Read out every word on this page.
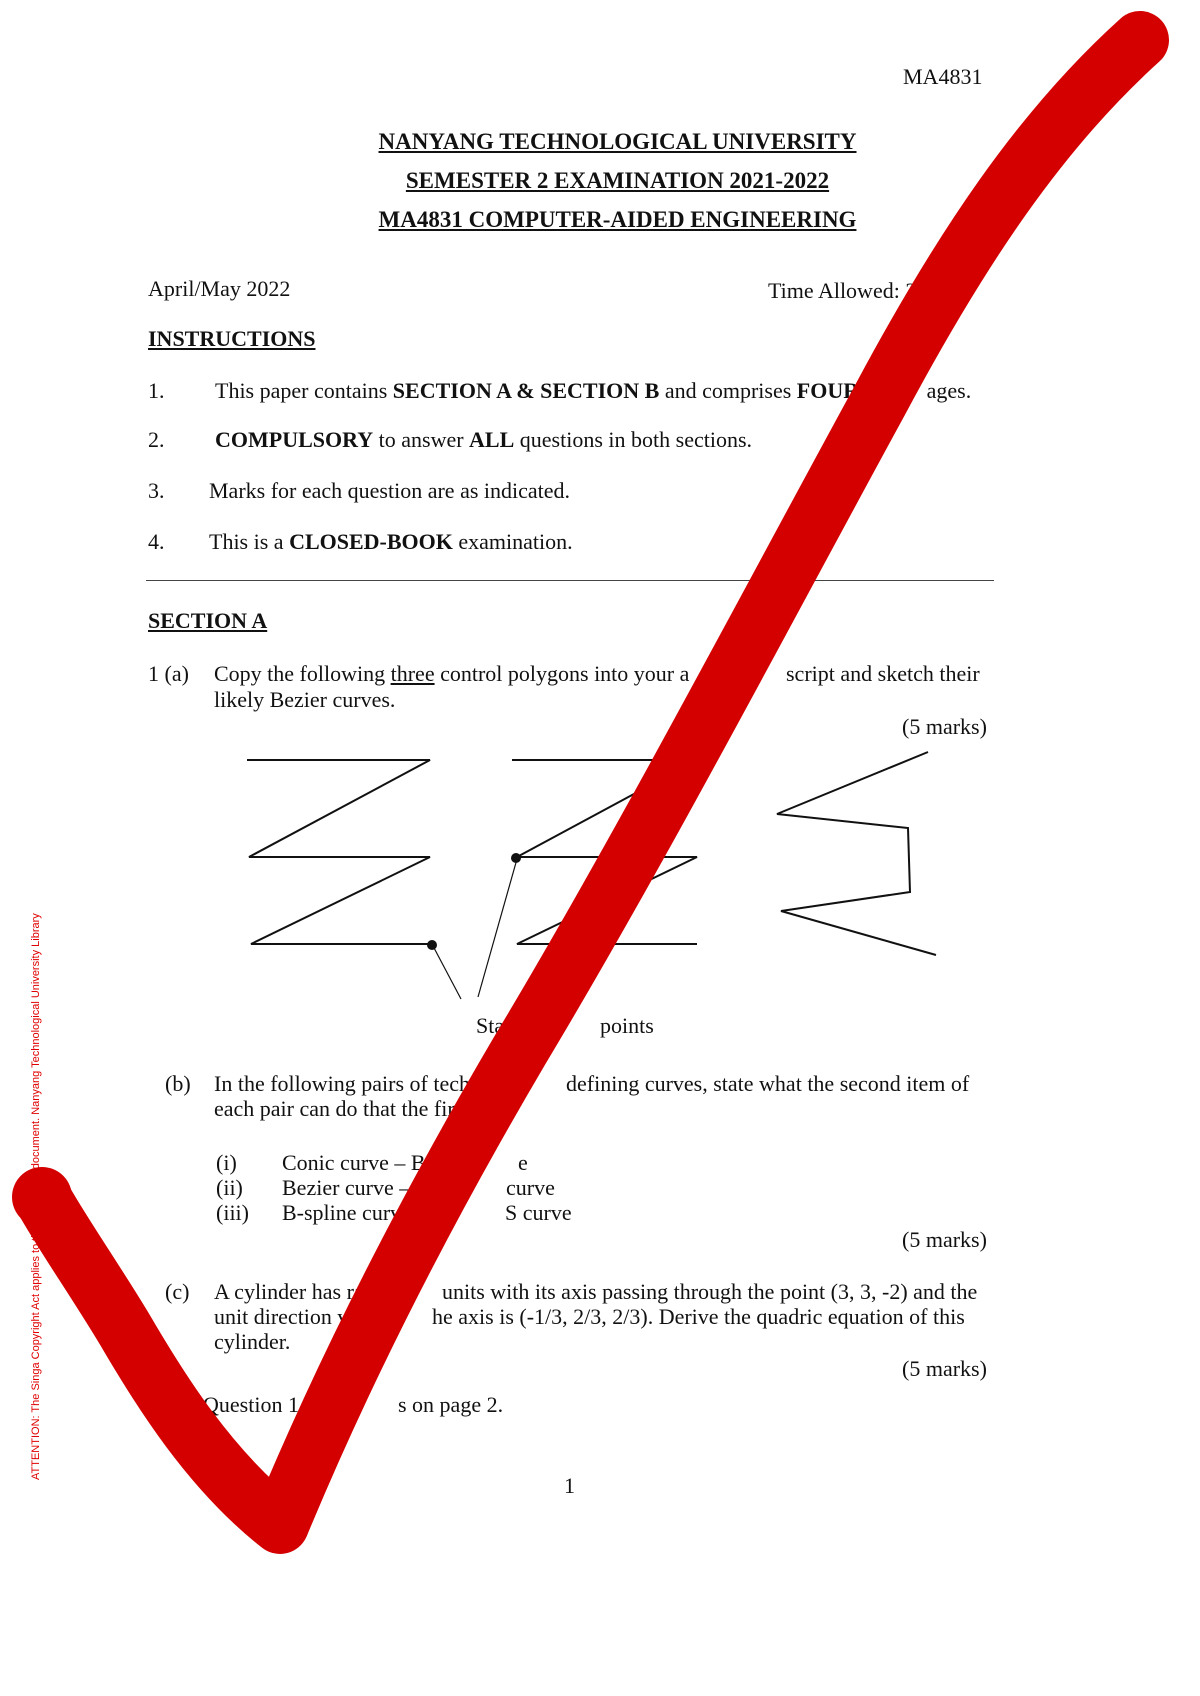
MA4831
NANYANG TECHNOLOGICAL UNIVERSITY
SEMESTER 2 EXAMINATION 2021-2022
MA4831 COMPUTER-AIDED ENGINEERING
April/May 2022	Time Allowed: 2
INSTRUCTIONS
1. This paper contains SECTION A & SECTION B and comprises FOUR	ages.
2. COMPULSORY to answer ALL questions in both sections.
3. Marks for each question are as indicated.
4. This is a CLOSED-BOOK examination.
SECTION A
1 (a) Copy the following three control polygons into your a	script and sketch their
likely Bezier curves.
(5 marks)
Start a	points
(b) In the following pairs of technic	defining curves, state what the second item of
each pair can do that the first c
(i) Conic curve – Bezie	e
(ii) Bezier curve – B-s	curve
(iii) B-spline curve –	S curve
(5 marks)
(c) A cylinder has radiu units with its axis passing through the point (3, 3, -2) and the
unit direction vec	he axis is (-1/3, 2/3, 2/3). Derive the quadric equation of this
cylinder.
(5 marks)
Question 1 co	s on page 2.
1
